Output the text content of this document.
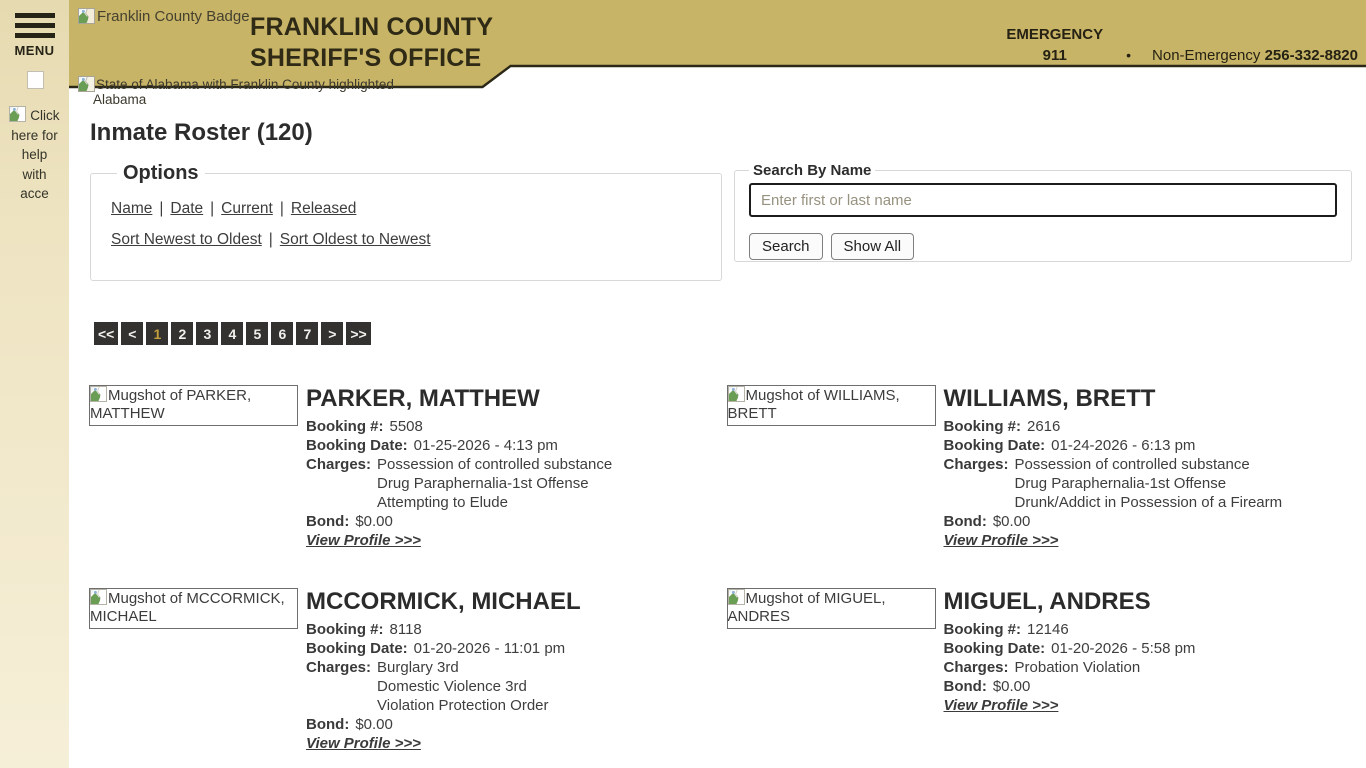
MENU
Click here for help with acce
Franklin County Badge FRANKLIN COUNTY
SHERIFF'S OFFICE
EMERGENCY
911	• Non-Emergency 256-332-8820
State of Alabama with Franklin County highlighted
Alabama
Inmate Roster (120)
Options
Name | Date | Current | Released
Sort Newest to Oldest | Sort Oldest to Newest
Search By Name
Enter first or last name
Search	Show All
<< <	1	2	3	4	5	6	7	> >>
Mugshot of PARKER, MATTHEW
PARKER, MATTHEW
Booking #: 5508
Booking Date: 01-25-2026 - 4:13 pm
Charges: Possession of controlled substance
Drug Paraphernalia-1st Offense
Attempting to Elude
Bond: $0.00
View Profile >>>
Mugshot of WILLIAMS, BRETT
WILLIAMS, BRETT
Booking #: 2616
Booking Date: 01-24-2026 - 6:13 pm
Charges: Possession of controlled substance
Drug Paraphernalia-1st Offense
Drunk/Addict in Possession of a Firearm
Bond: $0.00
View Profile >>>
Mugshot of MCCORMICK, MICHAEL
MCCORMICK, MICHAEL
Booking #: 8118
Booking Date: 01-20-2026 - 11:01 pm
Charges: Burglary 3rd
Domestic Violence 3rd
Violation Protection Order
Bond: $0.00
View Profile >>>
Mugshot of MIGUEL, ANDRES
MIGUEL, ANDRES
Booking #: 12146
Booking Date: 01-20-2026 - 5:58 pm
Charges: Probation Violation
Bond: $0.00
View Profile >>>
